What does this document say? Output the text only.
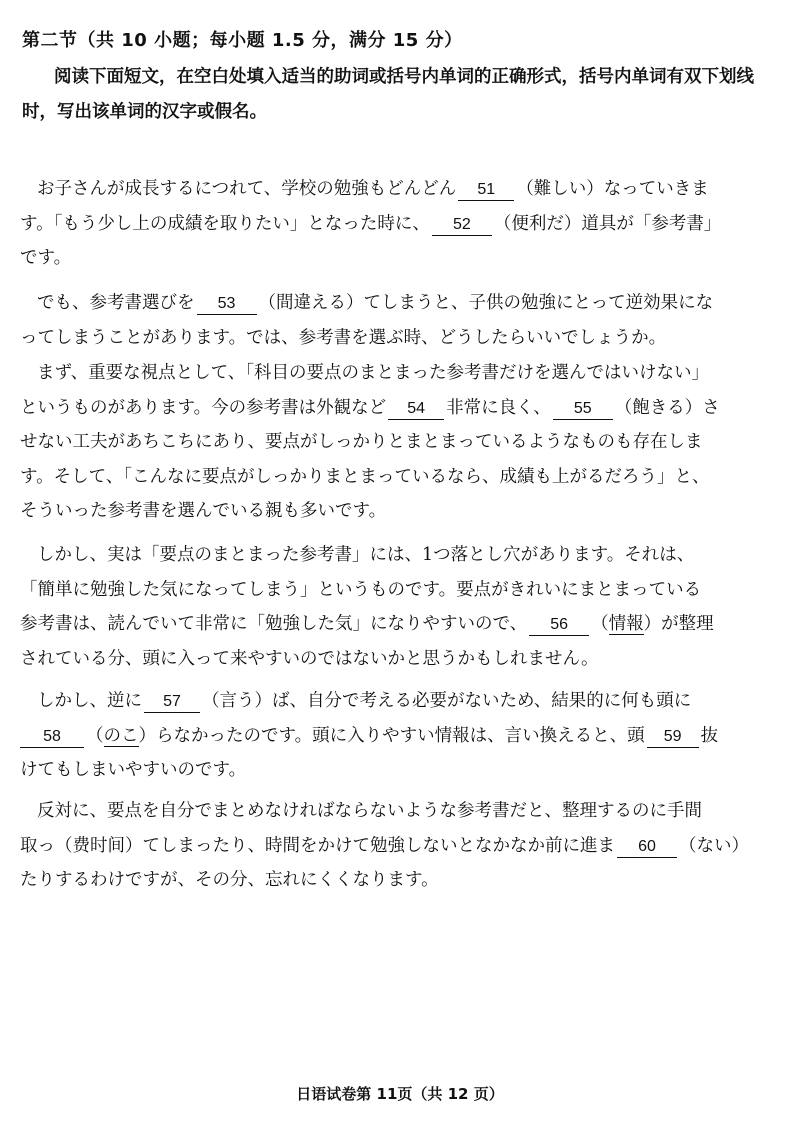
第二节（共 10 小题；每小题 1.5 分，满分 15 分）
阅读下面短文，在空白处填入适当的助词或括号内单词的正确形式，括号内单词有双下划线时，写出该单词的汉字或假名。
お子さんが成長するにつれて、学校の勉強もどんどん 51 （難しい）なっていきま
す。「もう少し上の成績を取りたい」となった時に、 52 （便利だ）道具が「参考書」
です。
でも、参考書選びを 53 （間違える）てしまうと、子供の勉強にとって逆効果にな
ってしまうことがあります。では、参考書を選ぶ時、どうしたらいいでしょうか。
まず、重要な視点として、「科目の要点のまとまった参考書だけを選んではいけない」
というものがあります。今の参考書は外観など 54 非常に良く、 55 （飽きる）さ
せない工夫があちこちにあり、要点がしっかりとまとまっているようなものも存在しま
す。そして、「こんなに要点がしっかりまとまっているなら、成績も上がるだろう」と、
そういった参考書を選んでいる親も多いです。
しかし、実は「要点のまとまった参考書」には、1つ落とし穴があります。それは、
「簡単に勉強した気になってしまう」というものです。要点がきれいにまとまっている
参考書は、読んでいて非常に「勉強した気」になりやすいので、 56 （情報）が整理
されている分、頭に入って来やすいのではないかと思うかもしれません。
しかし、逆に 57 （言う）ば、自分で考える必要がないため、結果的に何も頭に
58 （のこ）らなかったのです。頭に入りやすい情報は、言い換えると、頭 59 抜
けてもしまいやすいのです。
反対に、要点を自分でまとめなければならないような参考書だと、整理するのに手間
取っ（费时间）てしまったり、時間をかけて勉強しないとなかなか前に進ま 60 （ない）
たりするわけですが、その分、忘れにくくなります。
日语试卷第 11页（共 12 页）
